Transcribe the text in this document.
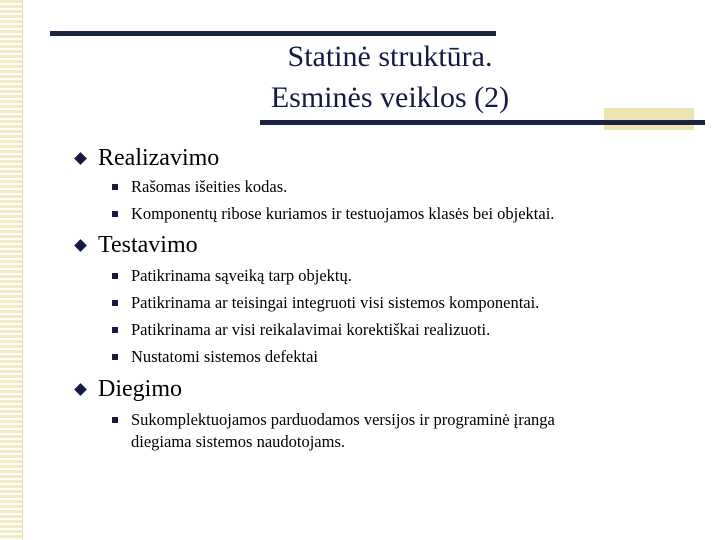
Statinė struktūra.
Esminės veiklos (2)
Realizavimo
Rašomas išeities kodas.
Komponentų ribose kuriamos ir testuojamos klasės bei objektai.
Testavimo
Patikrinama sąveiką tarp objektų.
Patikrinama ar teisingai integruoti visi sistemos komponentai.
Patikrinama ar visi reikalavimai korektiškai realizuoti.
Nustatomi sistemos defektai
Diegimo
Sukomplektuojamos parduodamos versijos ir programinė įranga
diegiama sistemos naudotojams.
